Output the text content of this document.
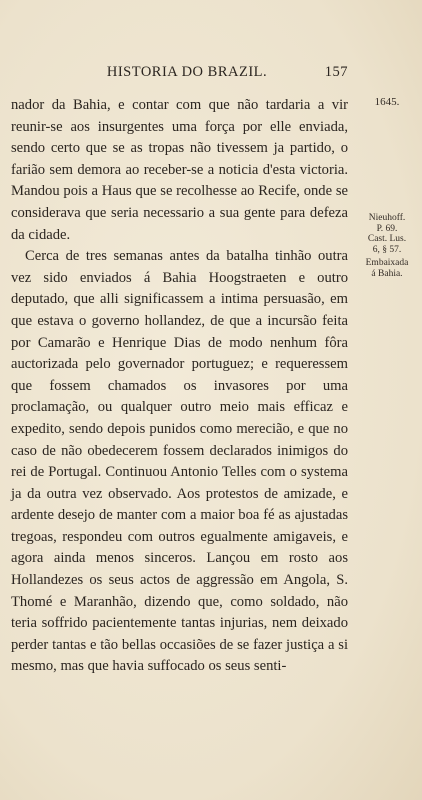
HISTORIA DO BRAZIL.	157
1645.
Nieuhoff.
P. 69.
Cast. Lus.
6, § 57.
Embaixada
á Bahia.

nador da Bahia, e contar com que não tardaria a vir reunir-se aos insurgentes uma força por elle enviada, sendo certo que se as tropas não tivessem ja partido, o farião sem demora ao receber-se a noticia d'esta victoria. Mandou pois a Haus que se recolhesse ao Recife, onde se considerava que seria necessario a sua gente para defeza da cidade.

Cerca de tres semanas antes da batalha tinhão outra vez sido enviados á Bahia Hoogstraeten e outro deputado, que alli significassem a intima persuasão, em que estava o governo hollandez, de que a incursão feita por Camarão e Henrique Dias de modo nenhum fôra auctorizada pelo governador portuguez; e requeressem que fossem chamados os invasores por uma proclamação, ou qualquer outro meio mais efficaz e expedito, sendo depois punidos como merecião, e que no caso de não obedecerem fossem declarados inimigos do rei de Portugal. Continuou Antonio Telles com o systema ja da outra vez observado. Aos protestos de amizade, e ardente desejo de manter com a maior boa fé as ajustadas tregoas, respondeu com outros egualmente amigaveis, e agora ainda menos sinceros. Lançou em rosto aos Hollandezes os seus actos de aggressão em Angola, S. Thomé e Maranhão, dizendo que, como soldado, não teria soffrido pacientemente tantas injurias, nem deixado perder tantas e tão bellas occasiões de se fazer justiça a si mesmo, mas que havia suffocado os seus senti-
